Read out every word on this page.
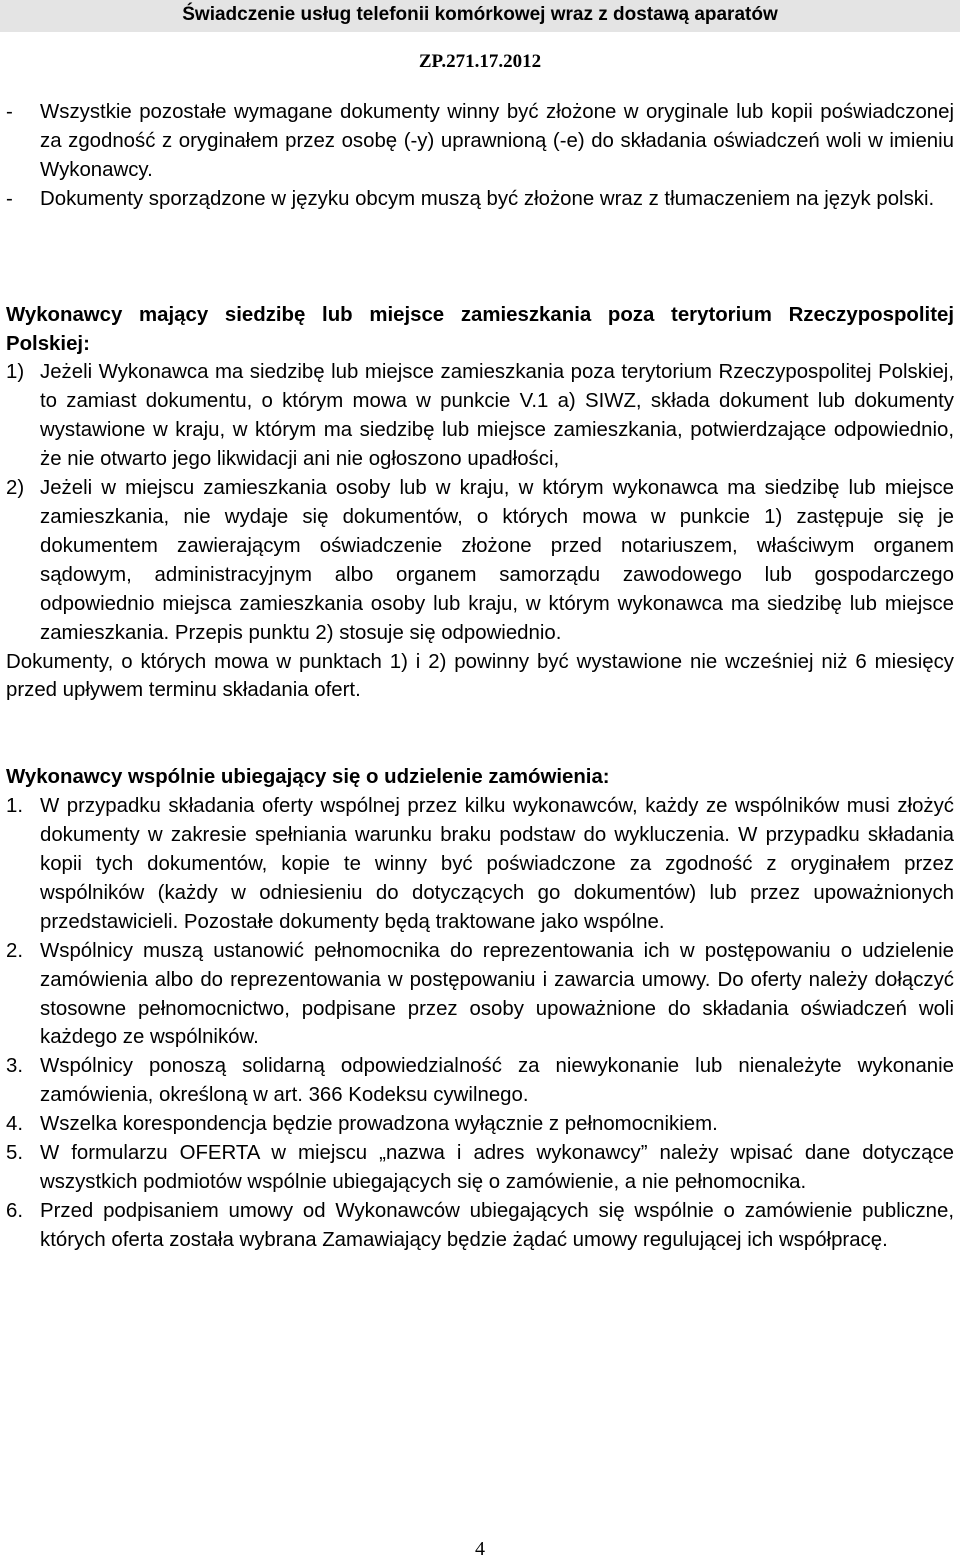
Świadczenie usług telefonii komórkowej wraz z dostawą aparatów
ZP.271.17.2012
-	Wszystkie pozostałe wymagane dokumenty winny być złożone w oryginale lub kopii poświadczonej za zgodność z oryginałem przez osobę (-y) uprawnioną (-e) do składania oświadczeń woli w imieniu Wykonawcy.
-	Dokumenty sporządzone w języku obcym muszą być złożone wraz z tłumaczeniem na język polski.

Wykonawcy mający siedzibę lub miejsce zamieszkania poza terytorium Rzeczypospolitej Polskiej:

1) Jeżeli Wykonawca ma siedzibę lub miejsce zamieszkania poza terytorium Rzeczypospolitej Polskiej, to zamiast dokumentu, o którym mowa w punkcie V.1 a) SIWZ, składa dokument lub dokumenty wystawione w kraju, w którym ma siedzibę lub miejsce zamieszkania, potwierdzające odpowiednio, że nie otwarto jego likwidacji ani nie ogłoszono upadłości,
2) Jeżeli w miejscu zamieszkania osoby lub w kraju, w którym wykonawca ma siedzibę lub miejsce zamieszkania, nie wydaje się dokumentów, o których mowa w punkcie 1) zastępuje się je dokumentem zawierającym oświadczenie złożone przed notariuszem, właściwym organem sądowym, administracyjnym albo organem samorządu zawodowego lub gospodarczego odpowiednio miejsca zamieszkania osoby lub kraju, w którym wykonawca ma siedzibę lub miejsce zamieszkania. Przepis punktu 2) stosuje się odpowiednio.

Dokumenty, o których mowa w punktach 1) i 2) powinny być wystawione nie wcześniej niż 6 miesięcy przed upływem terminu składania ofert.

Wykonawcy wspólnie ubiegający się o udzielenie zamówienia:

1. W przypadku składania oferty wspólnej przez kilku wykonawców, każdy ze wspólników musi złożyć dokumenty w zakresie spełniania warunku braku podstaw do wykluczenia. W przypadku składania kopii tych dokumentów, kopie te winny być poświadczone za zgodność z oryginałem przez wspólników (każdy w odniesieniu do dotyczących go dokumentów) lub przez upoważnionych przedstawicieli. Pozostałe dokumenty będą traktowane jako wspólne.
2. Wspólnicy muszą ustanowić pełnomocnika do reprezentowania ich w postępowaniu o udzielenie zamówienia albo do reprezentowania w postępowaniu i zawarcia umowy. Do oferty należy dołączyć stosowne pełnomocnictwo, podpisane przez osoby upoważnione do składania oświadczeń woli każdego ze wspólników.
3. Wspólnicy ponoszą solidarną odpowiedzialność za niewykonanie lub nienależyte wykonanie zamówienia, określoną w art. 366 Kodeksu cywilnego.
4. Wszelka korespondencja będzie prowadzona wyłącznie z pełnomocnikiem.
5. W formularzu OFERTA w miejscu „nazwa i adres wykonawcy” należy wpisać dane dotyczące wszystkich podmiotów wspólnie ubiegających się o zamówienie, a nie pełnomocnika.
6. Przed podpisaniem umowy od Wykonawców ubiegających się wspólnie o zamówienie publiczne, których oferta została wybrana Zamawiający będzie żądać umowy regulującej ich współpracę.
4
